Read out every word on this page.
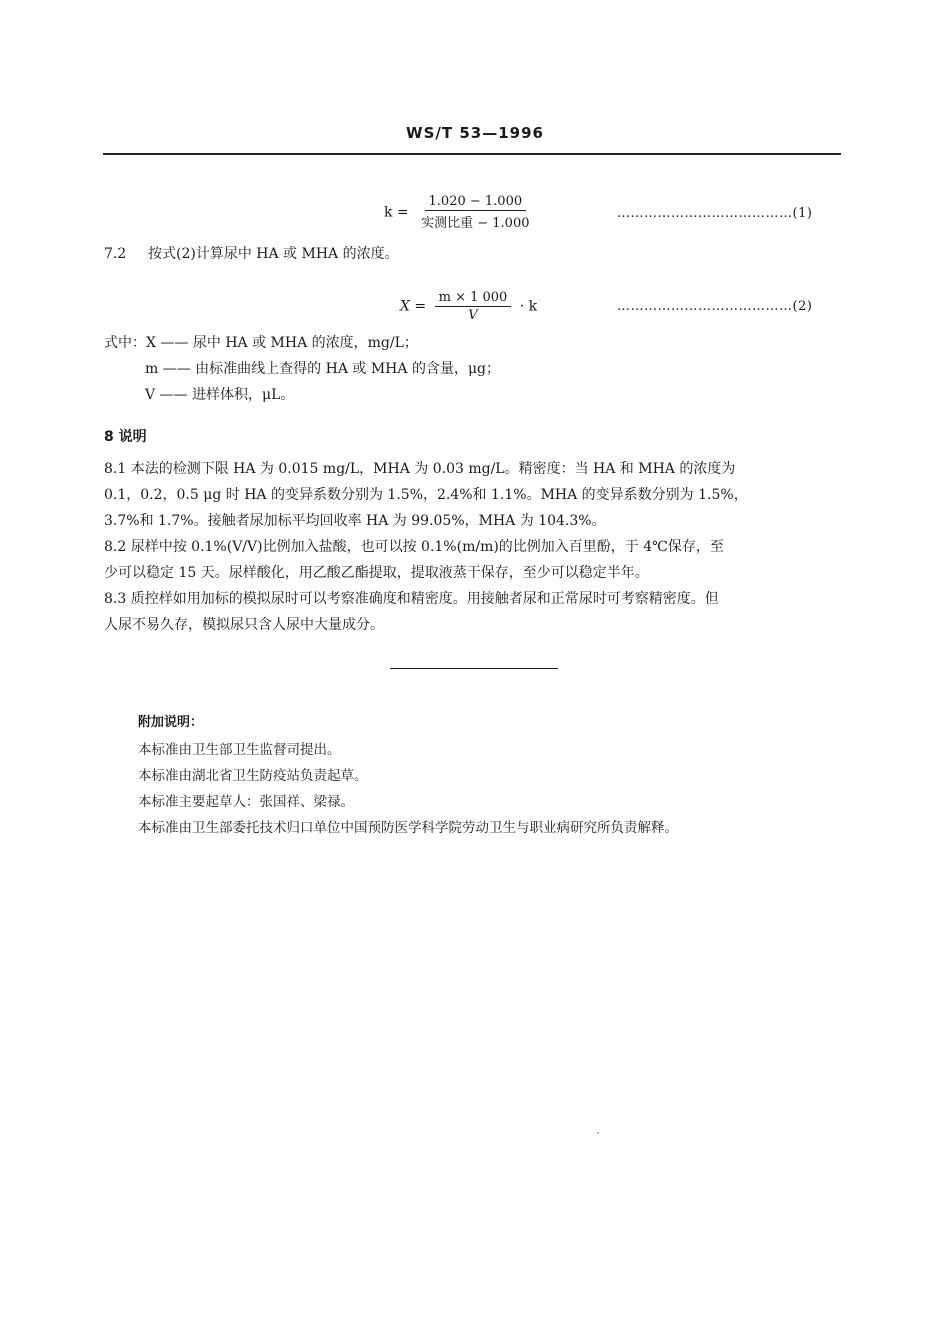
WS/T 53—1996
$k = \frac{1.020 - 1.000}{\text{实测比重 − 1.000}}$	…………………………………(1)
7.2 按式(2)计算尿中 HA 或 MHA 的浓度。
$X = \frac{m \times 1 000}{V} \cdot k$	…………………………………(2)
式中：X —— 尿中 HA 或 MHA 的浓度，mg/L；
m —— 由标准曲线上查得的 HA 或 MHA 的含量，μg；
V —— 进样体积，μL。
8 说明
8.1 本法的检测下限 HA 为 0.015 mg/L，MHA 为 0.03 mg/L。精密度：当 HA 和 MHA 的浓度为
0.1，0.2，0.5 μg 时 HA 的变异系数分别为 1.5%，2.4%和 1.1%。MHA 的变异系数分别为 1.5%，
3.7%和 1.7%。接触者尿加标平均回收率 HA 为 99.05%，MHA 为 104.3%。
8.2 尿样中按 0.1%(V/V)比例加入盐酸，也可以按 0.1%(m/m)的比例加入百里酚，于 4℃保存，至
少可以稳定 15 天。尿样酸化，用乙酸乙酯提取，提取液蒸干保存，至少可以稳定半年。
8.3 质控样如用加标的模拟尿时可以考察准确度和精密度。用接触者尿和正常尿时可考察精密度。但
人尿不易久存，模拟尿只含人尿中大量成分。
附加说明：
本标准由卫生部卫生监督司提出。
本标准由湖北省卫生防疫站负责起草。
本标准主要起草人：张国祥、梁禄。
本标准由卫生部委托技术归口单位中国预防医学科学院劳动卫生与职业病研究所负责解释。
